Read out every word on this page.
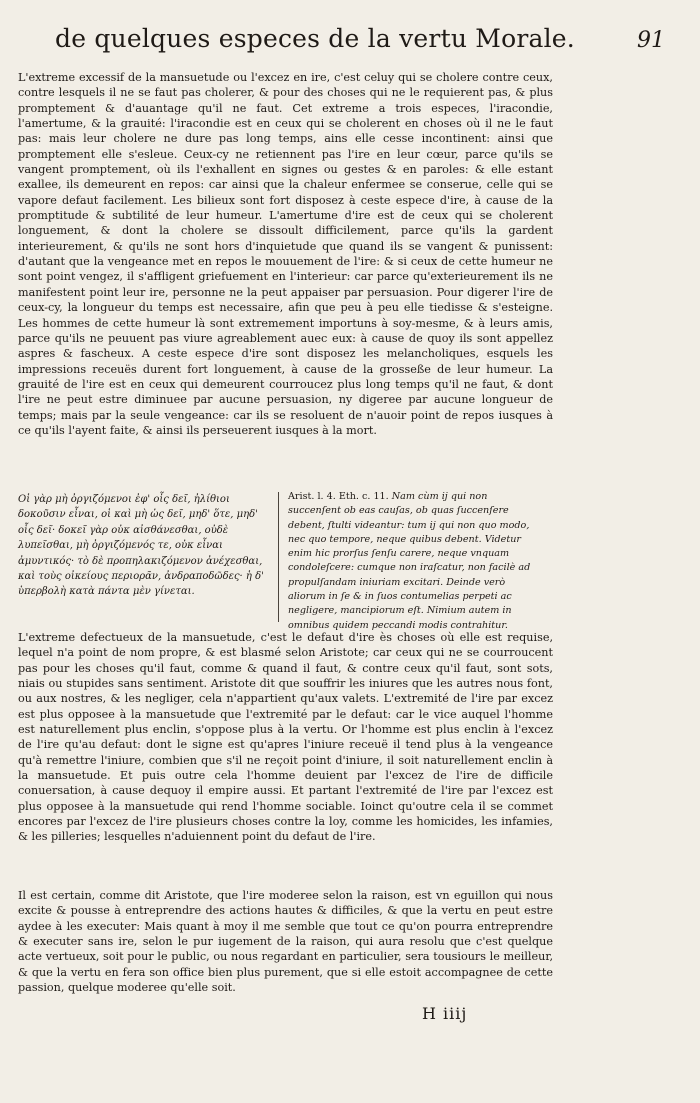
de quelques especes de la vertu Morale.	91

L'extreme excessif de la mansuetude ou l'excez en ire, c'est celuy qui se cholere contre ceux, contre lesquels il ne se faut pas cholerer, & pour des choses qui ne le requierent pas, & plus promptement & d'auantage qu'il ne faut. Cet extreme a trois especes, l'iracondie, l'amertume, & la grauité: l'iracondie est en ceux qui se cholerent en choses où il ne le faut pas: mais leur cholere ne dure pas long temps, ains elle cesse incontinent: ainsi que promptement elle s'esleue. Ceux-cy ne retiennent pas l'ire en leur cœur, parce qu'ils se vangent promptement, où ils l'exhallent en signes ou gestes & en paroles: & elle estant exallee, ils demeurent en repos: car ainsi que la chaleur enfermee se conserue, celle qui se vapore defaut facilement. Les bilieux sont fort disposez à ceste espece d'ire, à cause de la promptitude & subtilité de leur humeur. L'amertume d'ire est de ceux qui se cholerent longuement, & dont la cholere se dissoult difficilement, parce qu'ils la gardent interieurement, & qu'ils ne sont hors d'inquietude que quand ils se vangent & punissent: d'autant que la vengeance met en repos le mouuement de l'ire: & si ceux de cette humeur ne sont point vengez, il s'affligent griefuement en l'interieur: car parce qu'exterieurement ils ne manifestent point leur ire, personne ne la peut appaiser par persuasion. Pour digerer l'ire de ceux-cy, la longueur du temps est necessaire, afin que peu à peu elle tiedisse & s'esteigne. Les hommes de cette humeur là sont extremement importuns à soy-mesme, & à leurs amis, parce qu'ils ne peuuent pas viure agreablement auec eux: à cause de quoy ils sont appellez aspres & fascheux. A ceste espece d'ire sont disposez les melancholiques, esquels les impressions receuës durent fort longuement, à cause de la grosseße de leur humeur. La grauité de l'ire est en ceux qui demeurent courroucez plus long temps qu'il ne faut, & dont l'ire ne peut estre diminuee par aucune persuasion, ny digeree par aucune longueur de temps; mais par la seule vengeance: car ils se resoluent de n'auoir point de repos iusques à ce qu'ils l'ayent faite, & ainsi ils perseuerent iusques à la mort.

Οἱ γὰρ μὴ ὀργιζόμενοι ἐφ' οἷς δεῖ, ἠλίθιοι δοκοῦσιν εἶναι, οἱ καὶ μὴ ὡς δεῖ, μηδ' ὅτε, μηδ' οἷς δεῖ· δοκεῖ γὰρ οὐκ αἰσθάνεσθαι, οὐδὲ λυπεῖσθαι, μὴ ὀργιζόμενός τε, οὐκ εἶναι ἀμυντικός· τὸ δὲ προπηλακιζόμενον ἀνέχεσθαι, καὶ τοὺς οἰκείους περιορᾶν, ἀνδραποδῶδες· ἡ δ' ὑπερβολὴ κατὰ πάντα μὲν γίνεται.

Arist. l. 4. Eth. c. 11. Nam cùm ij qui non succenſent ob eas cauſas, ob quas ſuccenſere debent, ſtulti videantur: tum ij qui non quo modo, nec quo tempore, neque quibus debent. Videtur enim hic prorſus ſenſu carere, neque vnquam condoleſcere: cumque non iraſcatur, non facilè ad propulſandam iniuriam excitari. Deinde verò aliorum in ſe & in ſuos contumelias perpeti ac negligere, mancipiorum eſt. Nimium autem in omnibus quidem peccandi modis contrahitur.

L'extreme defectueux de la mansuetude, c'est le defaut d'ire ès choses où elle est requise, lequel n'a point de nom propre, & est blasmé selon Aristote; car ceux qui ne se courroucent pas pour les choses qu'il faut, comme & quand il faut, & contre ceux qu'il faut, sont sots, niais ou stupides sans sentiment. Aristote dit que souffrir les iniures que les autres nous font, ou aux nostres, & les negliger, cela n'appartient qu'aux valets. L'extremité de l'ire par excez est plus opposee à la mansuetude que l'extremité par le defaut: car le vice auquel l'homme est naturellement plus enclin, s'oppose plus à la vertu. Or l'homme est plus enclin à l'excez de l'ire qu'au defaut: dont le signe est qu'apres l'iniure receuë il tend plus à la vengeance qu'à remettre l'iniure, combien que s'il ne reçoit point d'iniure, il soit naturellement enclin à la mansuetude. Et puis outre cela l'homme deuient par l'excez de l'ire de difficile conuersation, à cause dequoy il empire aussi. Et partant l'extremité de l'ire par l'excez est plus opposee à la mansuetude qui rend l'homme sociable. Ioinct qu'outre cela il se commet encores par l'excez de l'ire plusieurs choses contre la loy, comme les homicides, les infamies, & les pilleries; lesquelles n'aduiennent point du defaut de l'ire.

Il est certain, comme dit Aristote, que l'ire moderee selon la raison, est vn eguillon qui nous excite & pousse à entreprendre des actions hautes & difficiles, & que la vertu en peut estre aydee à les executer: Mais quant à moy il me semble que tout ce qu'on pourra entreprendre & executer sans ire, selon le pur iugement de la raison, qui aura resolu que c'est quelque acte vertueux, soit pour le public, ou nous regardant en particulier, sera tousiours le meilleur, & que la vertu en fera son office bien plus purement, que si elle estoit accompagnee de cette passion, quelque moderee qu'elle soit.

H iiij
